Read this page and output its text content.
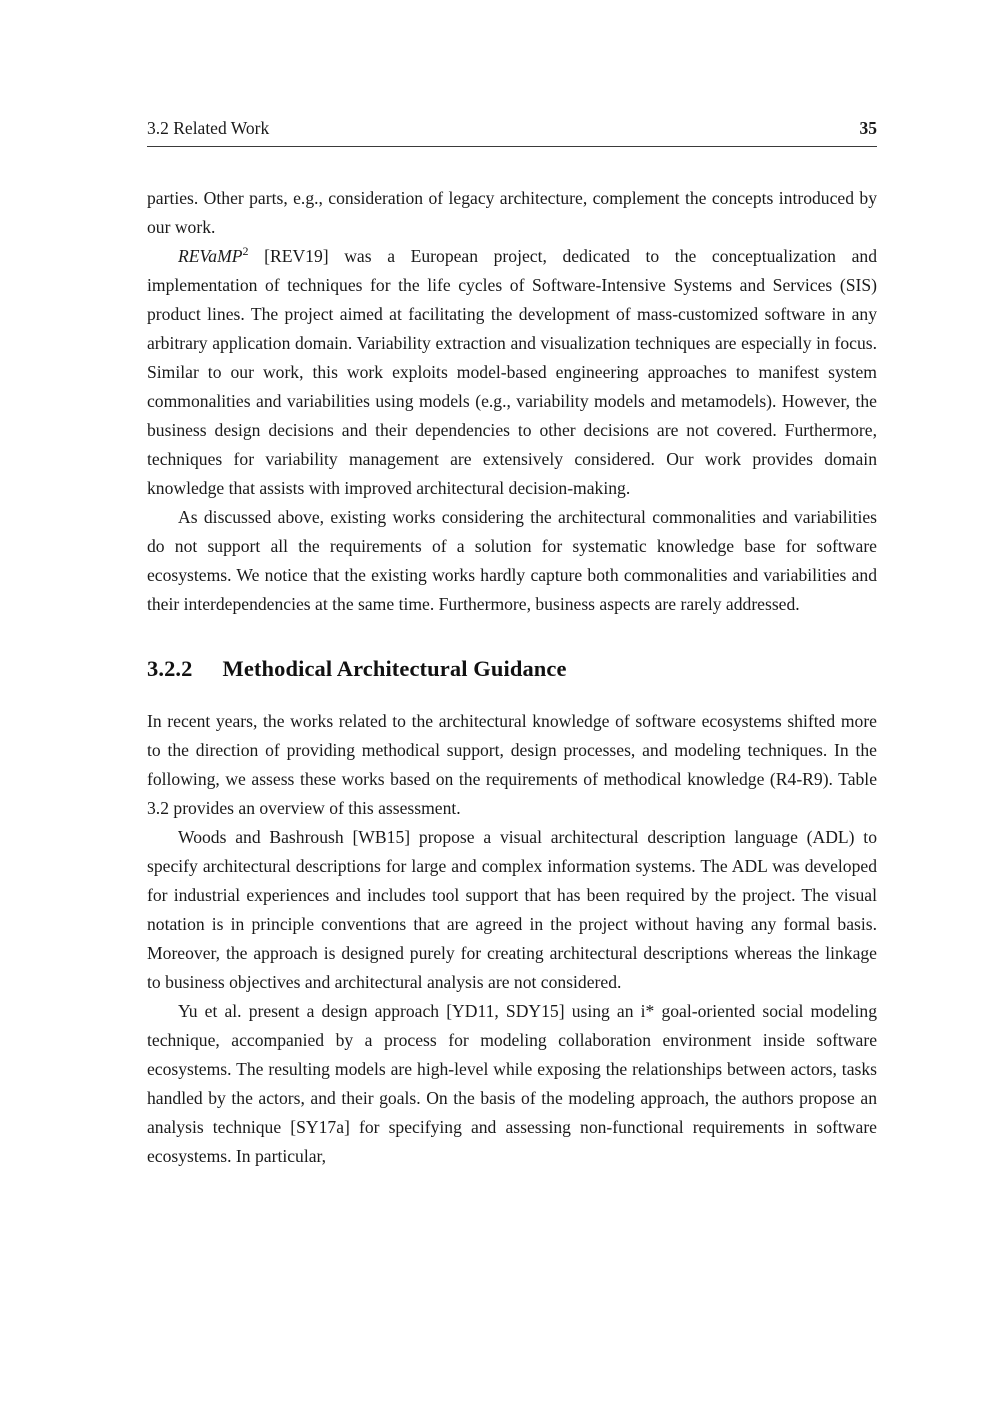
3.2 Related Work	35

parties. Other parts, e.g., consideration of legacy architecture, complement the concepts introduced by our work.

REVaMP$^2$ [REV19] was a European project, dedicated to the conceptualization and implementation of techniques for the life cycles of Software-Intensive Systems and Services (SIS) product lines. The project aimed at facilitating the development of mass-customized software in any arbitrary application domain. Variability extraction and visualization techniques are especially in focus. Similar to our work, this work exploits model-based engineering approaches to manifest system commonalities and variabilities using models (e.g., variability models and metamodels). However, the business design decisions and their dependencies to other decisions are not covered. Furthermore, techniques for variability management are extensively considered. Our work provides domain knowledge that assists with improved architectural decision-making.

As discussed above, existing works considering the architectural commonalities and variabilities do not support all the requirements of a solution for systematic knowledge base for software ecosystems. We notice that the existing works hardly capture both commonalities and variabilities and their interdependencies at the same time. Furthermore, business aspects are rarely addressed.

3.2.2 Methodical Architectural Guidance

In recent years, the works related to the architectural knowledge of software ecosystems shifted more to the direction of providing methodical support, design processes, and modeling techniques. In the following, we assess these works based on the requirements of methodical knowledge (R4-R9). Table 3.2 provides an overview of this assessment.

Woods and Bashroush [WB15] propose a visual architectural description language (ADL) to specify architectural descriptions for large and complex information systems. The ADL was developed for industrial experiences and includes tool support that has been required by the project. The visual notation is in principle conventions that are agreed in the project without having any formal basis. Moreover, the approach is designed purely for creating architectural descriptions whereas the linkage to business objectives and architectural analysis are not considered.

Yu et al. present a design approach [YD11, SDY15] using an i* goal-oriented social modeling technique, accompanied by a process for modeling collaboration environment inside software ecosystems. The resulting models are high-level while exposing the relationships between actors, tasks handled by the actors, and their goals. On the basis of the modeling approach, the authors propose an analysis technique [SY17a] for specifying and assessing non-functional requirements in software ecosystems. In particular,
